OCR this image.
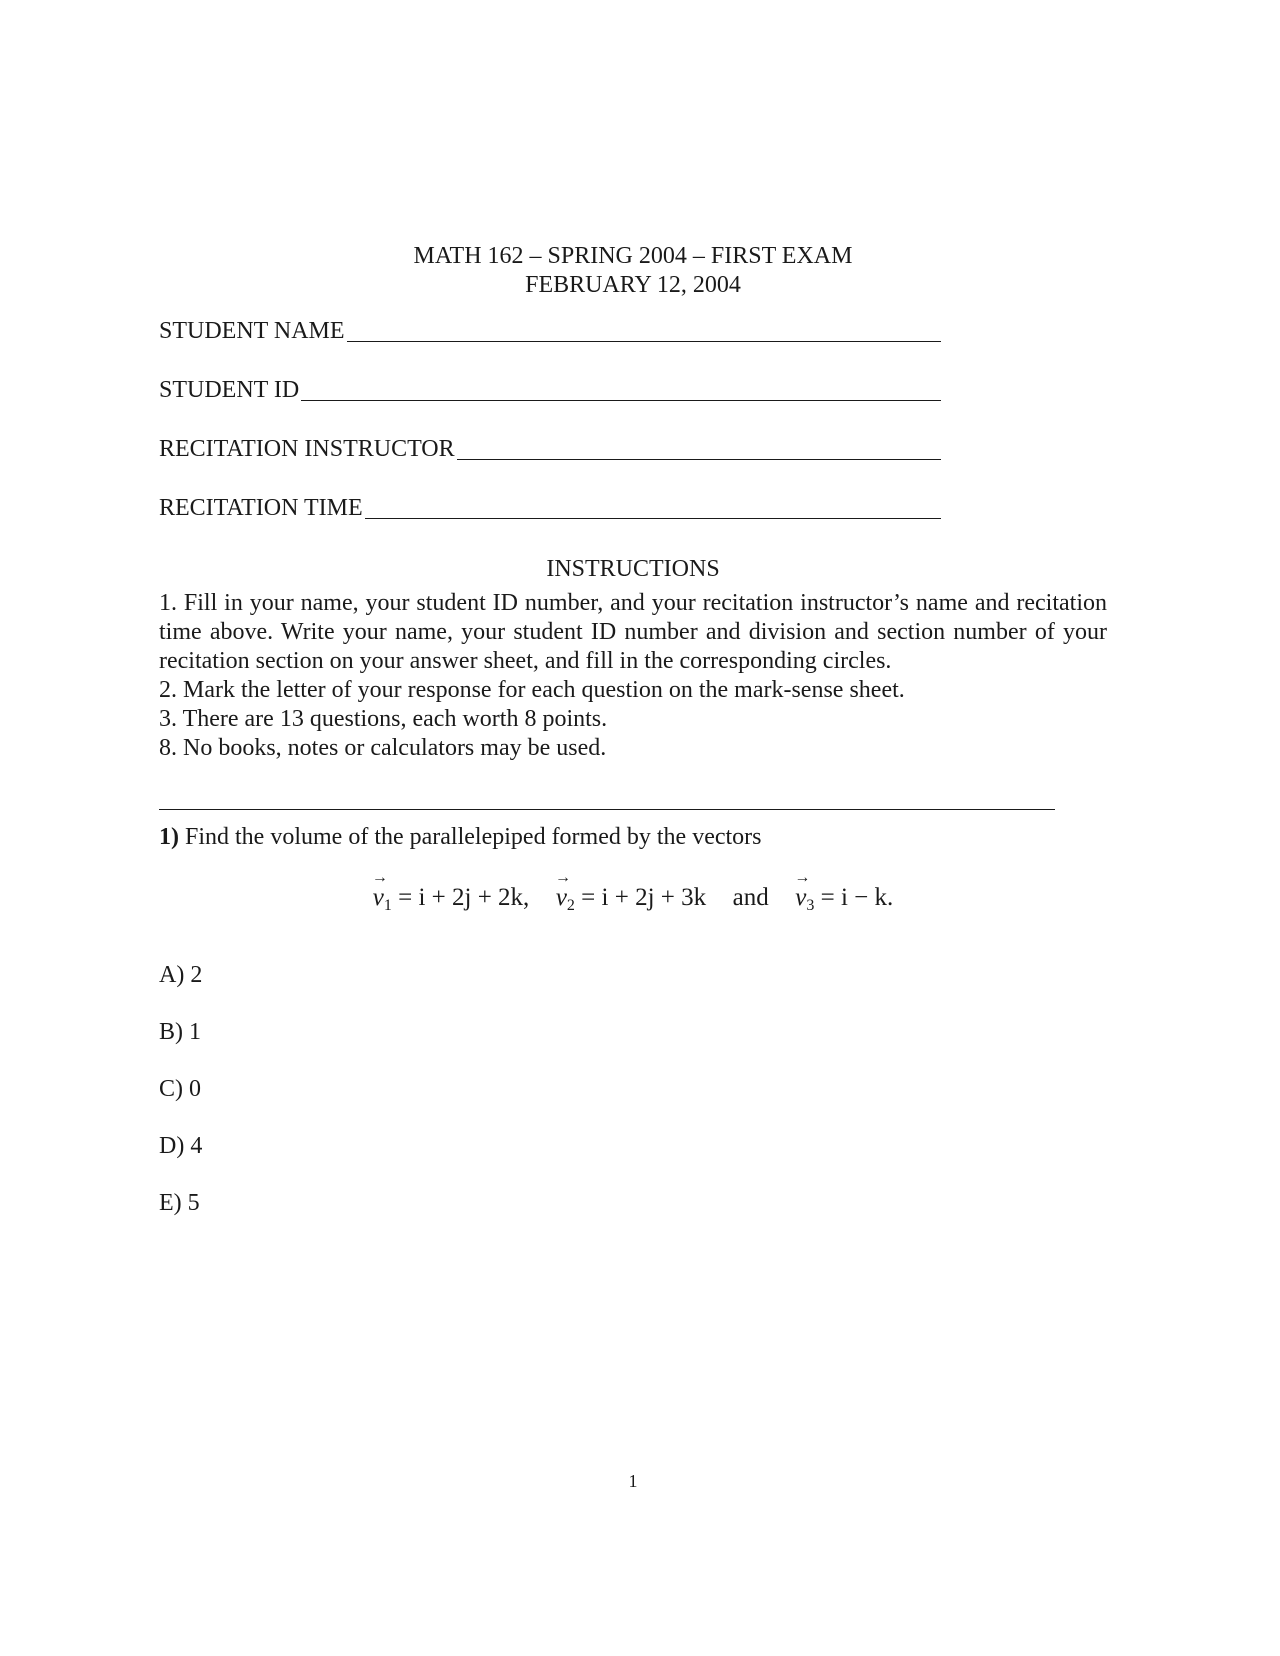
MATH 162 – SPRING 2004 – FIRST EXAM
FEBRUARY 12, 2004
STUDENT NAME
STUDENT ID
RECITATION INSTRUCTOR
RECITATION TIME
INSTRUCTIONS

1. Fill in your name, your student ID number, and your recitation instructor’s name and recitation time above. Write your name, your student ID number and division and section number of your recitation section on your answer sheet, and fill in the corresponding circles.

2. Mark the letter of your response for each question on the mark-sense sheet.

3. There are 13 questions, each worth 8 points.

8. No books, notes or calculators may be used.

1) Find the volume of the parallelepiped formed by the vectors
→ $v_1 = i + 2j + 2k$, → $v_2 = i + 2j + 3k$ and → $v_3 = i - k$.
A) 2
B) 1
C) 0
D) 4
E) 5
1
